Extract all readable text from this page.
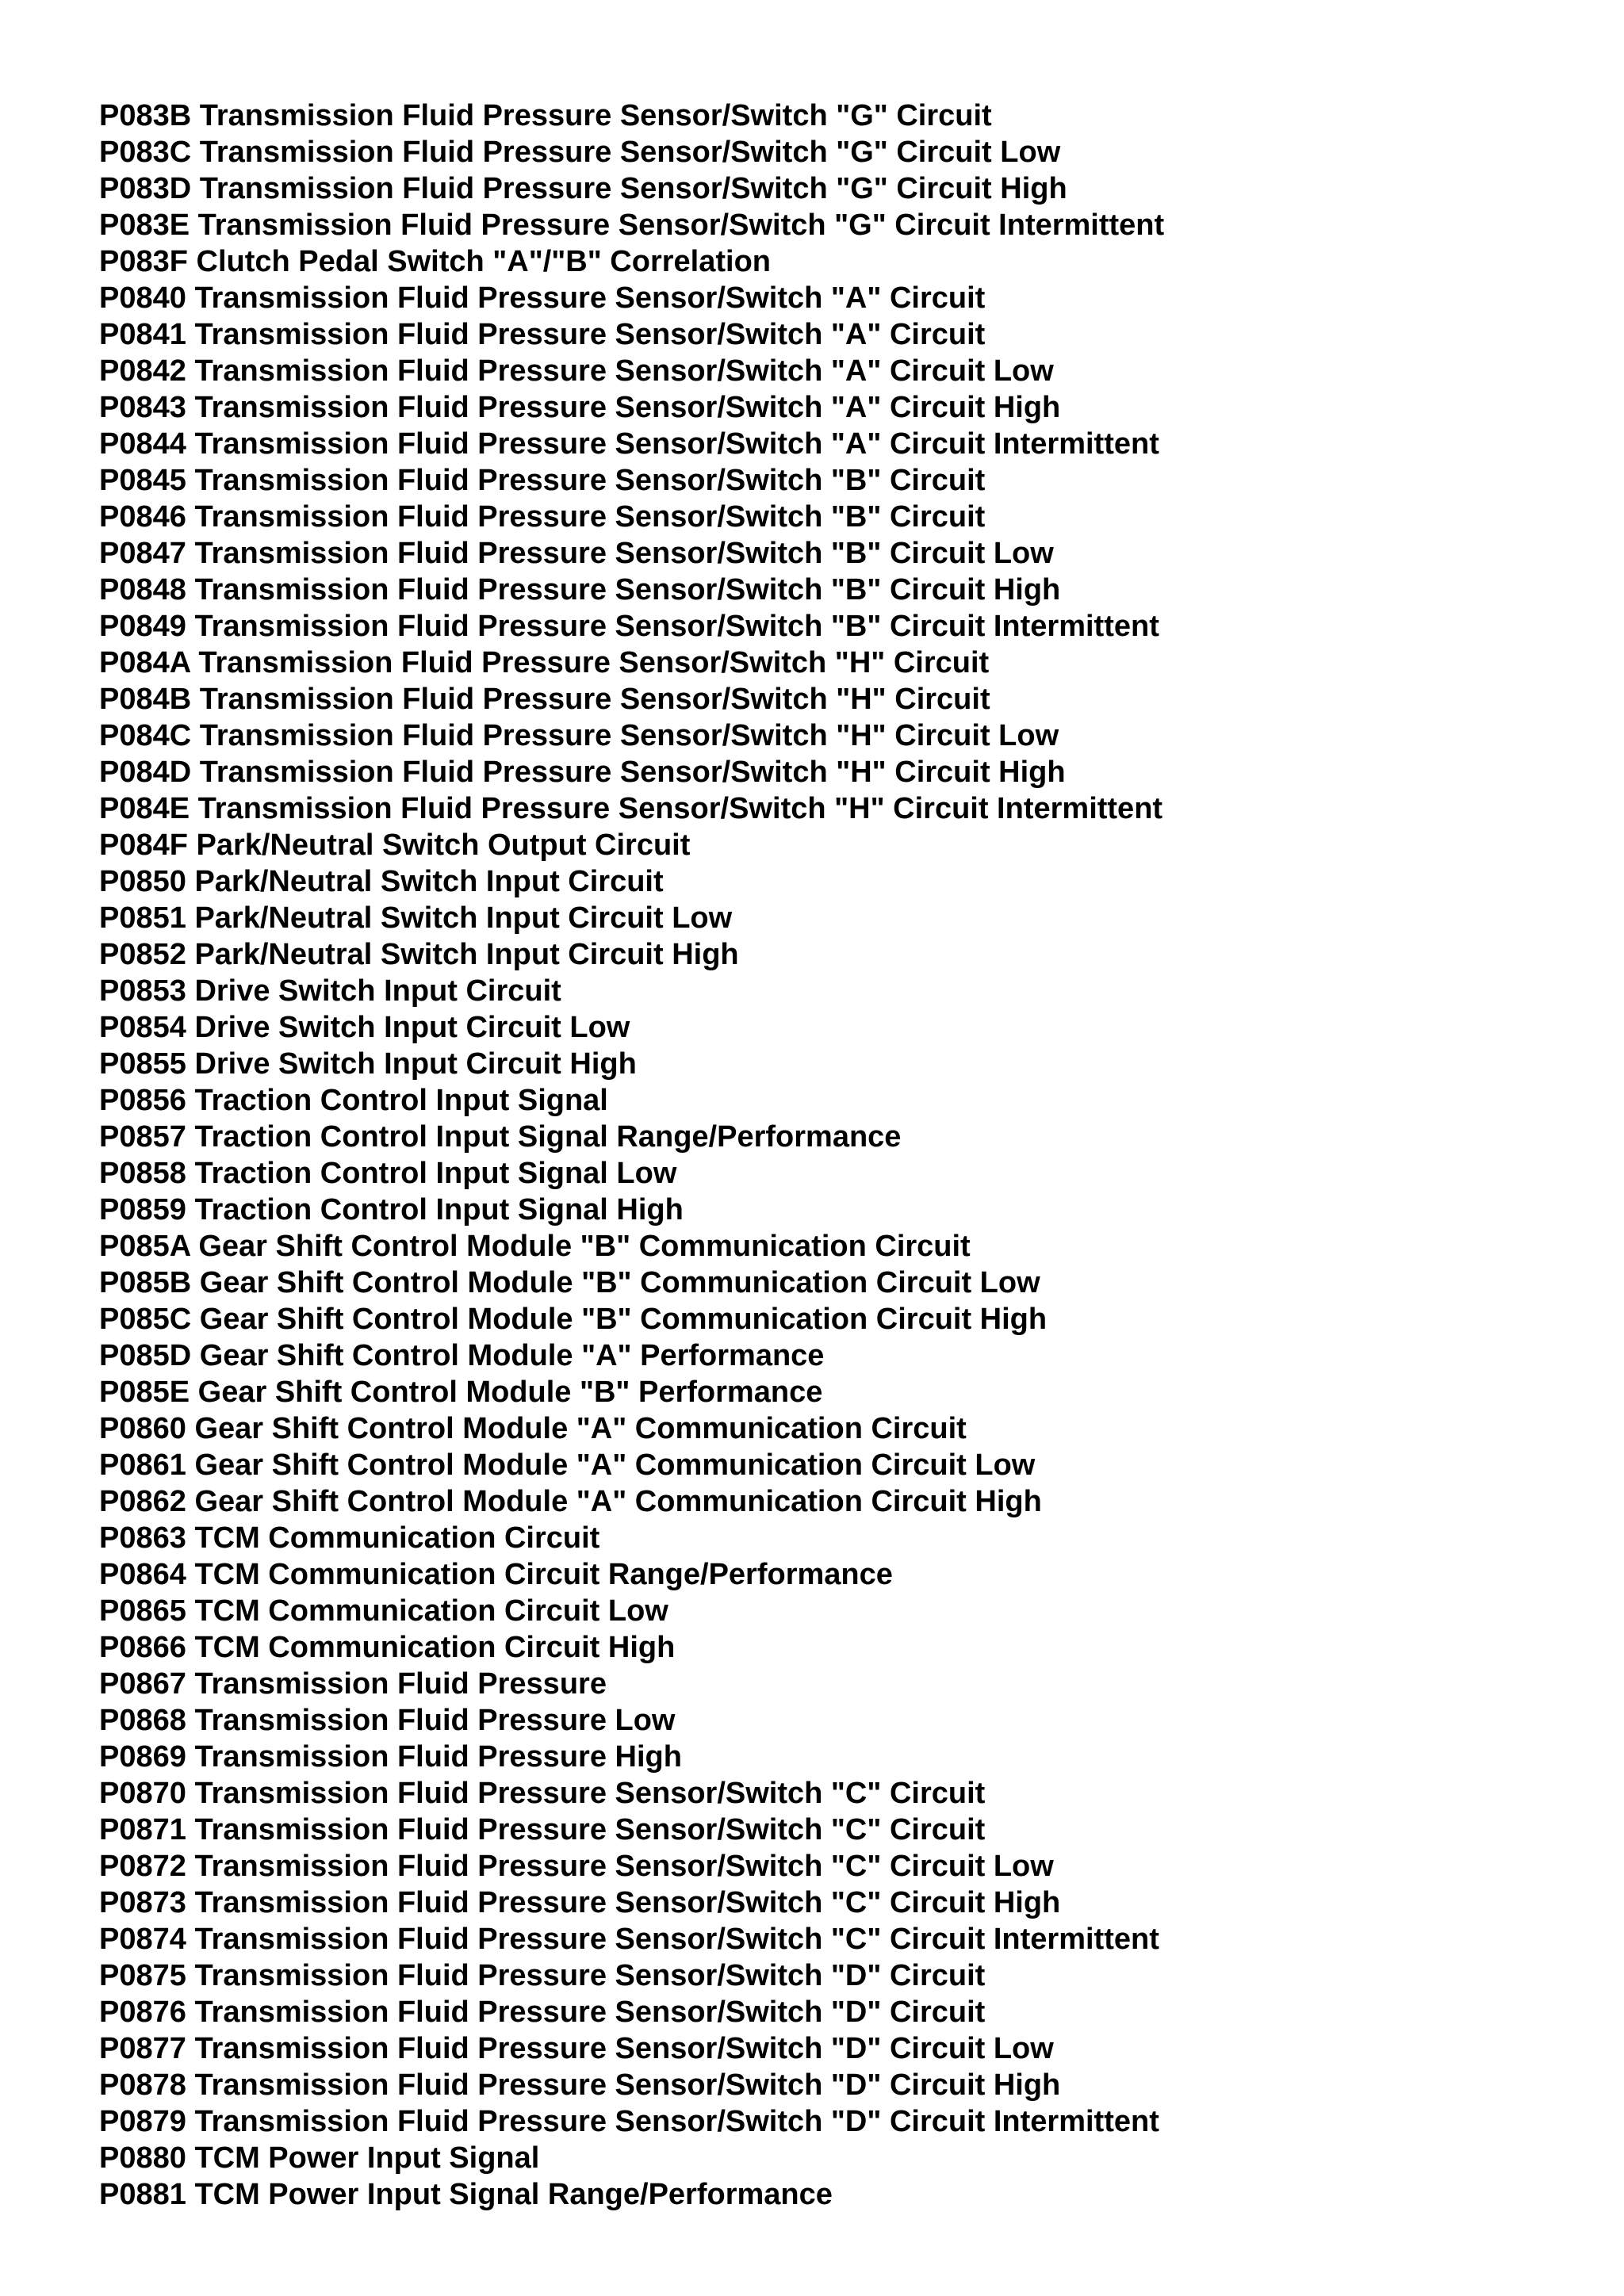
P083B Transmission Fluid Pressure Sensor/Switch "G" Circuit
P083C Transmission Fluid Pressure Sensor/Switch "G" Circuit Low
P083D Transmission Fluid Pressure Sensor/Switch "G" Circuit High
P083E Transmission Fluid Pressure Sensor/Switch "G" Circuit Intermittent
P083F Clutch Pedal Switch "A"/"B" Correlation
P0840 Transmission Fluid Pressure Sensor/Switch "A" Circuit
P0841 Transmission Fluid Pressure Sensor/Switch "A" Circuit
P0842 Transmission Fluid Pressure Sensor/Switch "A" Circuit Low
P0843 Transmission Fluid Pressure Sensor/Switch "A" Circuit High
P0844 Transmission Fluid Pressure Sensor/Switch "A" Circuit Intermittent
P0845 Transmission Fluid Pressure Sensor/Switch "B" Circuit
P0846 Transmission Fluid Pressure Sensor/Switch "B" Circuit
P0847 Transmission Fluid Pressure Sensor/Switch "B" Circuit Low
P0848 Transmission Fluid Pressure Sensor/Switch "B" Circuit High
P0849 Transmission Fluid Pressure Sensor/Switch "B" Circuit Intermittent
P084A Transmission Fluid Pressure Sensor/Switch "H" Circuit
P084B Transmission Fluid Pressure Sensor/Switch "H" Circuit
P084C Transmission Fluid Pressure Sensor/Switch "H" Circuit Low
P084D Transmission Fluid Pressure Sensor/Switch "H" Circuit High
P084E Transmission Fluid Pressure Sensor/Switch "H" Circuit Intermittent
P084F Park/Neutral Switch Output Circuit
P0850 Park/Neutral Switch Input Circuit
P0851 Park/Neutral Switch Input Circuit Low
P0852 Park/Neutral Switch Input Circuit High
P0853 Drive Switch Input Circuit
P0854 Drive Switch Input Circuit Low
P0855 Drive Switch Input Circuit High
P0856 Traction Control Input Signal
P0857 Traction Control Input Signal Range/Performance
P0858 Traction Control Input Signal Low
P0859 Traction Control Input Signal High
P085A Gear Shift Control Module "B" Communication Circuit
P085B Gear Shift Control Module "B" Communication Circuit Low
P085C Gear Shift Control Module "B" Communication Circuit High
P085D Gear Shift Control Module "A" Performance
P085E Gear Shift Control Module "B" Performance
P0860 Gear Shift Control Module "A" Communication Circuit
P0861 Gear Shift Control Module "A" Communication Circuit Low
P0862 Gear Shift Control Module "A" Communication Circuit High
P0863 TCM Communication Circuit
P0864 TCM Communication Circuit Range/Performance
P0865 TCM Communication Circuit Low
P0866 TCM Communication Circuit High
P0867 Transmission Fluid Pressure
P0868 Transmission Fluid Pressure Low
P0869 Transmission Fluid Pressure High
P0870 Transmission Fluid Pressure Sensor/Switch "C" Circuit
P0871 Transmission Fluid Pressure Sensor/Switch "C" Circuit
P0872 Transmission Fluid Pressure Sensor/Switch "C" Circuit Low
P0873 Transmission Fluid Pressure Sensor/Switch "C" Circuit High
P0874 Transmission Fluid Pressure Sensor/Switch "C" Circuit Intermittent
P0875 Transmission Fluid Pressure Sensor/Switch "D" Circuit
P0876 Transmission Fluid Pressure Sensor/Switch "D" Circuit
P0877 Transmission Fluid Pressure Sensor/Switch "D" Circuit Low
P0878 Transmission Fluid Pressure Sensor/Switch "D" Circuit High
P0879 Transmission Fluid Pressure Sensor/Switch "D" Circuit Intermittent
P0880 TCM Power Input Signal
P0881 TCM Power Input Signal Range/Performance
